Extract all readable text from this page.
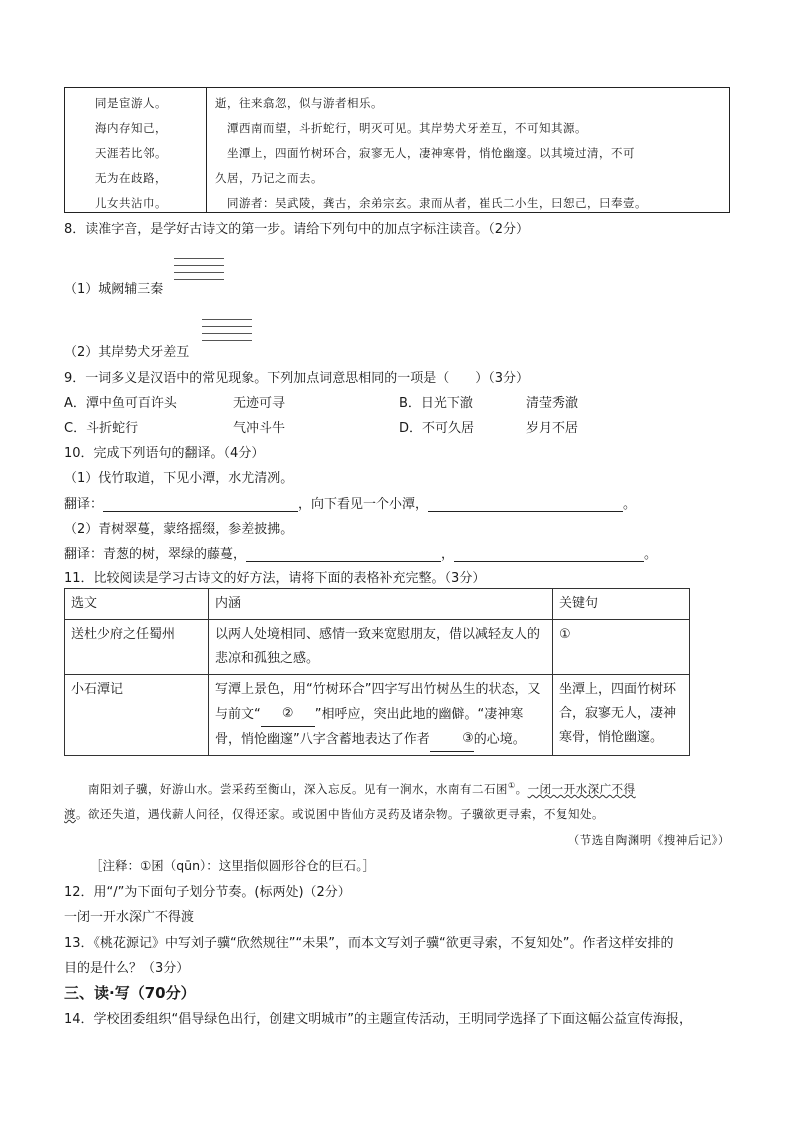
同是宦游人。
海内存知己，
天涯若比邻。
无为在歧路，
儿女共沾巾。
逝，往来翕忽，似与游者相乐。
　潭西南而望，斗折蛇行，明灭可见。其岸势犬牙差互，不可知其源。
　坐潭上，四面竹树环合，寂寥无人，凄神寒骨，悄怆幽邃。以其境过清，不可
久居，乃记之而去。
　同游者：吴武陵，龚古，余弟宗玄。隶而从者，崔氏二小生，曰恕己，曰奉壹。
8．读准字音，是学好古诗文的第一步。请给下列句中的加点字标注读音。（2分）
（1）城阙辅三秦
（2）其岸势犬牙差互
9．一词多义是汉语中的常见现象。下列加点词意思相同的一项是（　　）（3分）
A．潭中鱼可百许头	无迹可寻	B．日光下澈	清莹秀澈
C．斗折蛇行	气冲斗牛	D．不可久居	岁月不居
10．完成下列语句的翻译。（4分）
（1）伐竹取道，下见小潭，水尤清冽。
翻译：	，向下看见一个小潭，	。
（2）青树翠蔓，蒙络摇缀，参差披拂。
翻译：青葱的树，翠绿的藤蔓，	，	。
11．比较阅读是学习古诗文的好方法，请将下面的表格补充完整。（3分）
选文	内涵	关键句
送杜少府之任蜀州	以两人处境相同、感情一致来宽慰朋友，借以减轻友人的悲凉和孤独之感。	①
小石潭记	写潭上景色，用“竹树环合”四字写出竹树丛生的状态，又与前文“ ② ”相呼应，突出此地的幽僻。“凄神寒骨，悄怆幽邃”八字含蓄地表达了作者 ③的心境。	坐潭上，四面竹树环合，寂寥无人，凄神寒骨，悄怆幽邃。
　　南阳刘子骥，好游山水。尝采药至衡山，深入忘反。见有一涧水，水南有二石囷①。一闭一开水深广不得
渡。欲还失道，遇伐薪人问径，仅得还家。或说囷中皆仙方灵药及诸杂物。子骥欲更寻索，不复知处。
（节选自陶渊明《搜神后记》）
［注释：①囷（qūn）：这里指似圆形谷仓的巨石。］
12．用“/”为下面句子划分节奏。(标两处)（2分）
一闭一开水深广不得渡
13．《桃花源记》中写刘子骥“欣然规往”“未果”，而本文写刘子骥“欲更寻索，不复知处”。作者这样安排的
目的是什么？（3分）
三、读·写（70分）
14．学校团委组织“倡导绿色出行，创建文明城市”的主题宣传活动，王明同学选择了下面这幅公益宣传海报，
